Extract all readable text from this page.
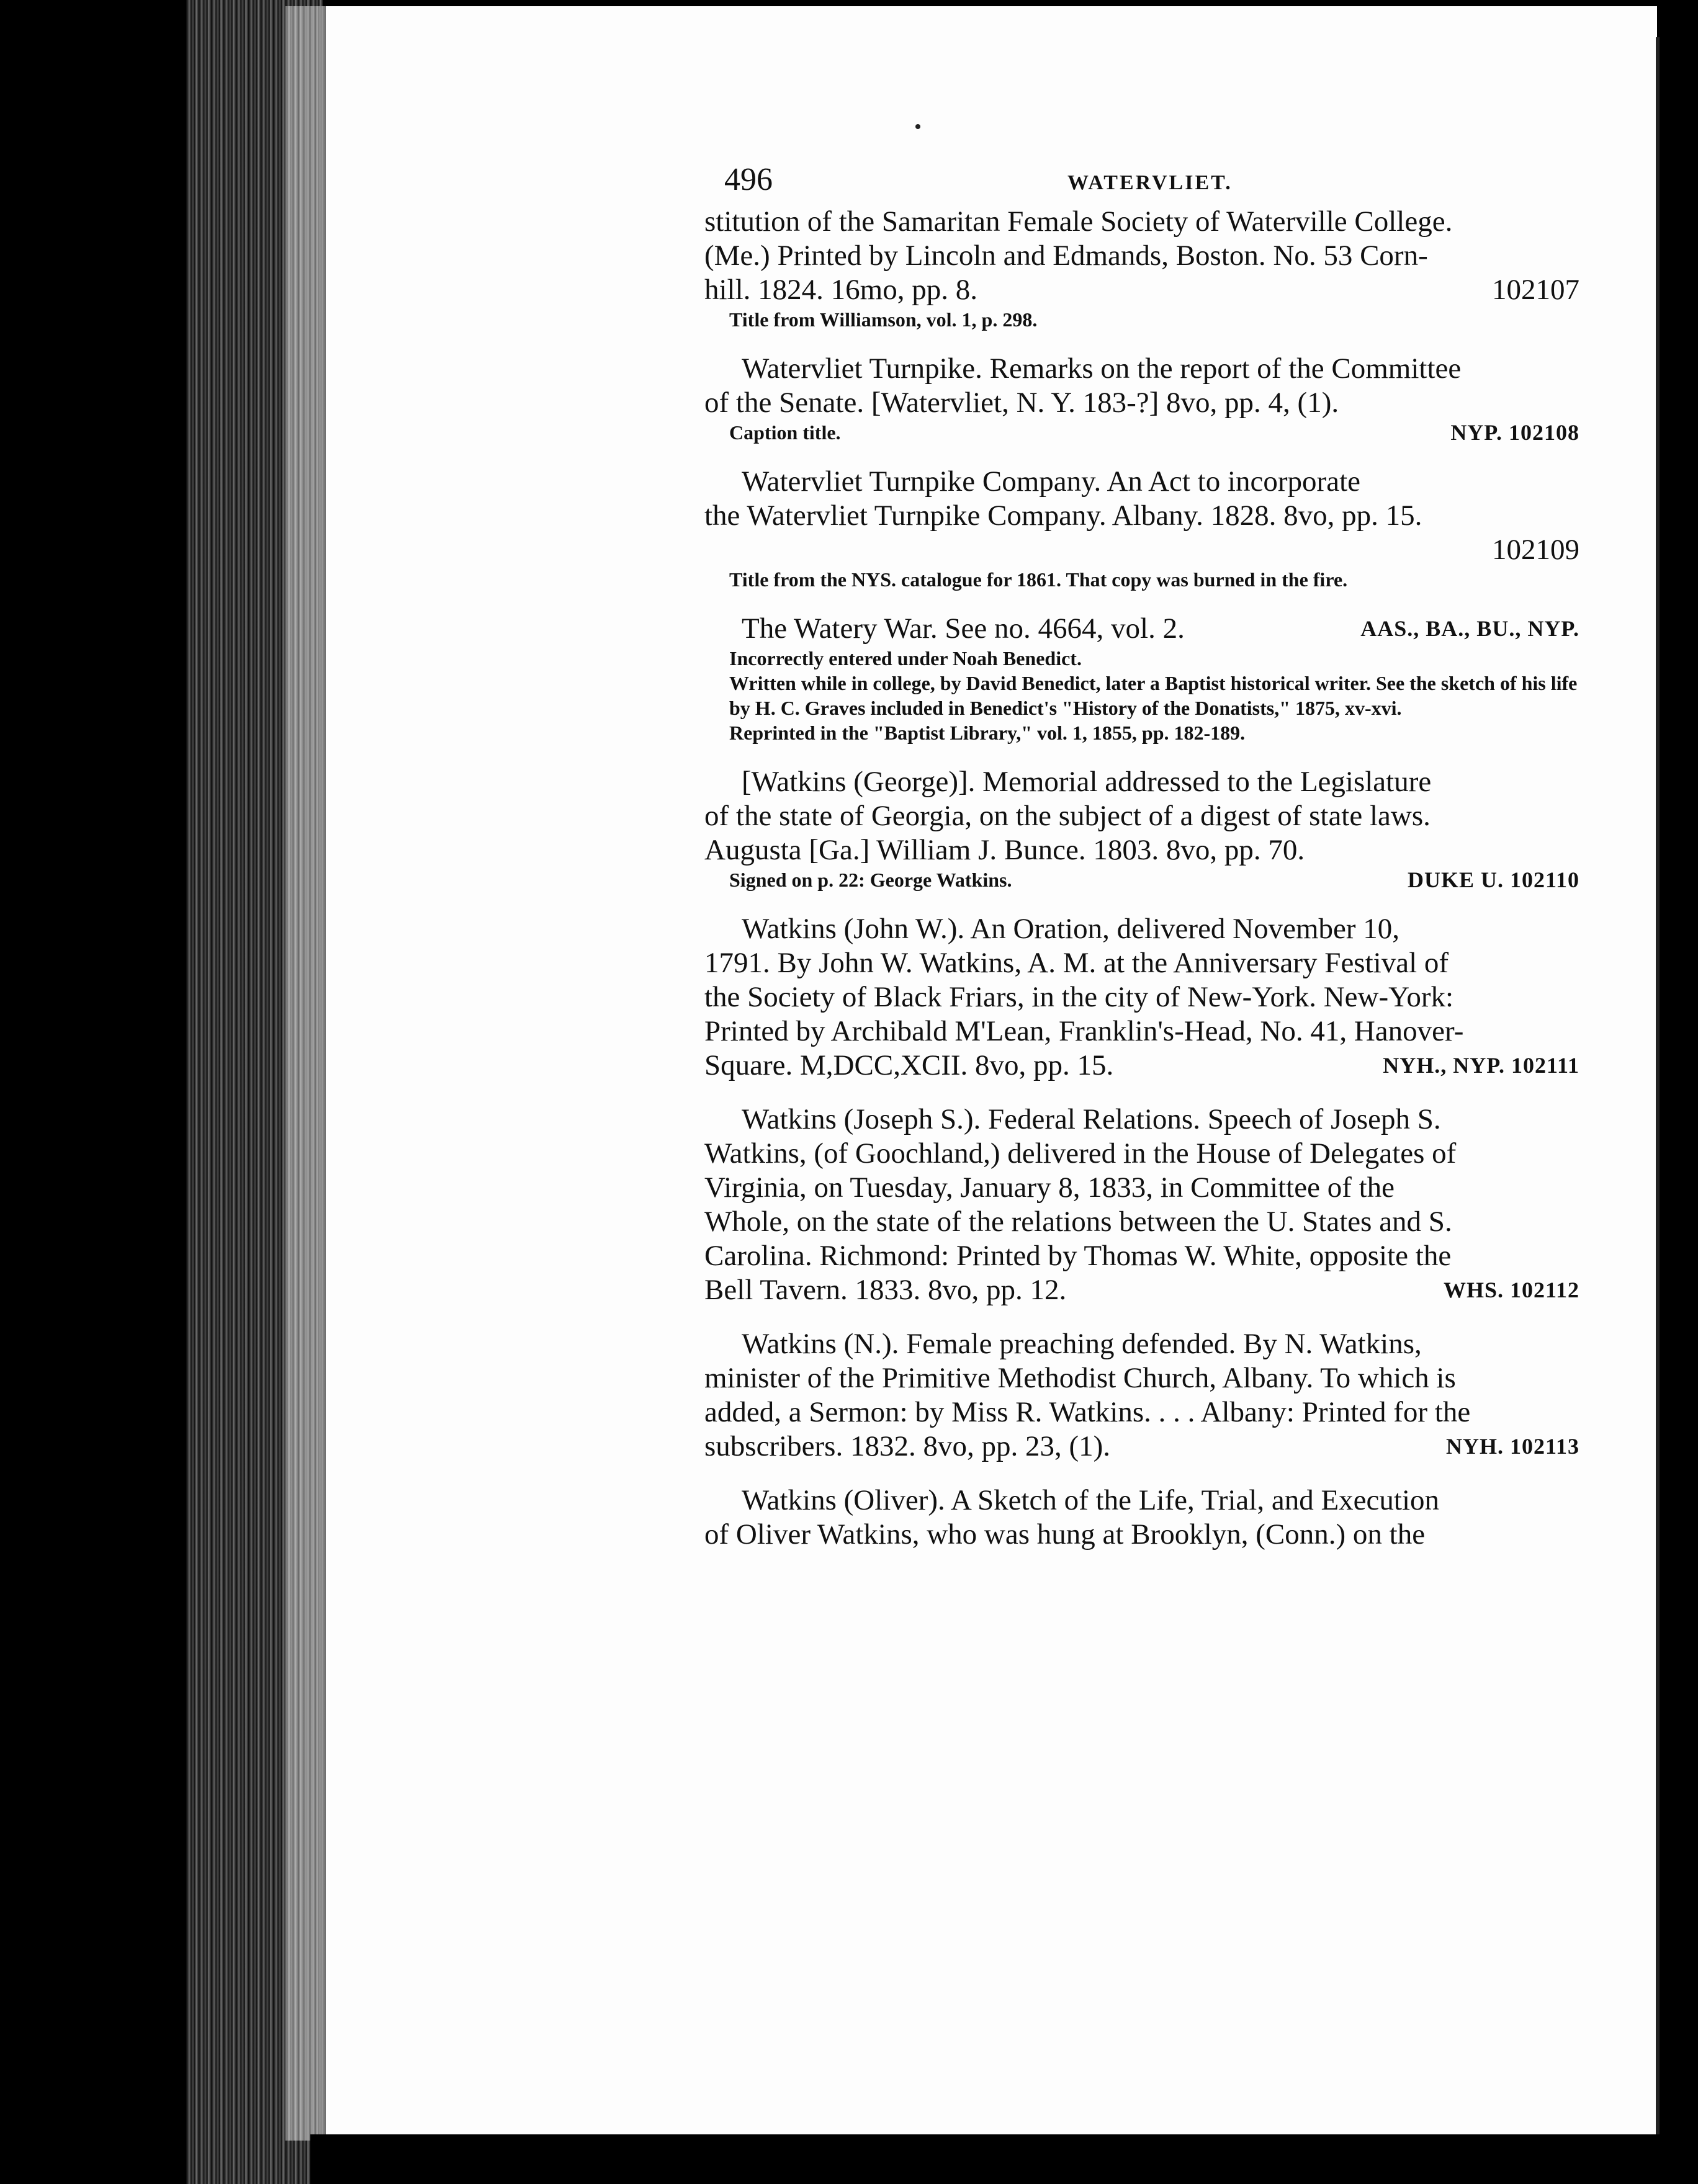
496	WATERVLIET.
stitution of the Samaritan Female Society of Waterville College.
(Me.) Printed by Lincoln and Edmands, Boston. No. 53 Corn-
hill. 1824. 16mo, pp. 8.	102107
Title from Williamson, vol. 1, p. 298.
Watervliet Turnpike. Remarks on the report of the Committee
of the Senate. [Watervliet, N. Y. 183-?] 8vo, pp. 4, (1).
Caption title.	NYP. 102108
Watervliet Turnpike Company. An Act to incorporate
the Watervliet Turnpike Company. Albany. 1828. 8vo, pp. 15.
102109
Title from the NYS. catalogue for 1861. That copy was burned in the fire.
The Watery War. See no. 4664, vol. 2.	AAS., BA., BU., NYP.
Incorrectly entered under Noah Benedict.
Written while in college, by David Benedict, later a Baptist historical writer. See the sketch of his life by H. C. Graves included in Benedict's "History of the Donatists," 1875, xv-xvi.
Reprinted in the "Baptist Library," vol. 1, 1855, pp. 182-189.
[Watkins (George)]. Memorial addressed to the Legislature
of the state of Georgia, on the subject of a digest of state laws.
Augusta [Ga.] William J. Bunce. 1803. 8vo, pp. 70.
Signed on p. 22: George Watkins.	DUKE U. 102110
Watkins (John W.). An Oration, delivered November 10,
1791. By John W. Watkins, A. M. at the Anniversary Festival of
the Society of Black Friars, in the city of New-York. New-York:
Printed by Archibald M'Lean, Franklin's-Head, No. 41, Hanover-
Square. M,DCC,XCII. 8vo, pp. 15.	NYH., NYP. 102111
Watkins (Joseph S.). Federal Relations. Speech of Joseph S.
Watkins, (of Goochland,) delivered in the House of Delegates of
Virginia, on Tuesday, January 8, 1833, in Committee of the
Whole, on the state of the relations between the U. States and S.
Carolina. Richmond: Printed by Thomas W. White, opposite the
Bell Tavern. 1833. 8vo, pp. 12.	WHS. 102112
Watkins (N.). Female preaching defended. By N. Watkins,
minister of the Primitive Methodist Church, Albany. To which is
added, a Sermon: by Miss R. Watkins. . . . Albany: Printed for the
subscribers. 1832. 8vo, pp. 23, (1).	NYH. 102113
Watkins (Oliver). A Sketch of the Life, Trial, and Execution
of Oliver Watkins, who was hung at Brooklyn, (Conn.) on the
